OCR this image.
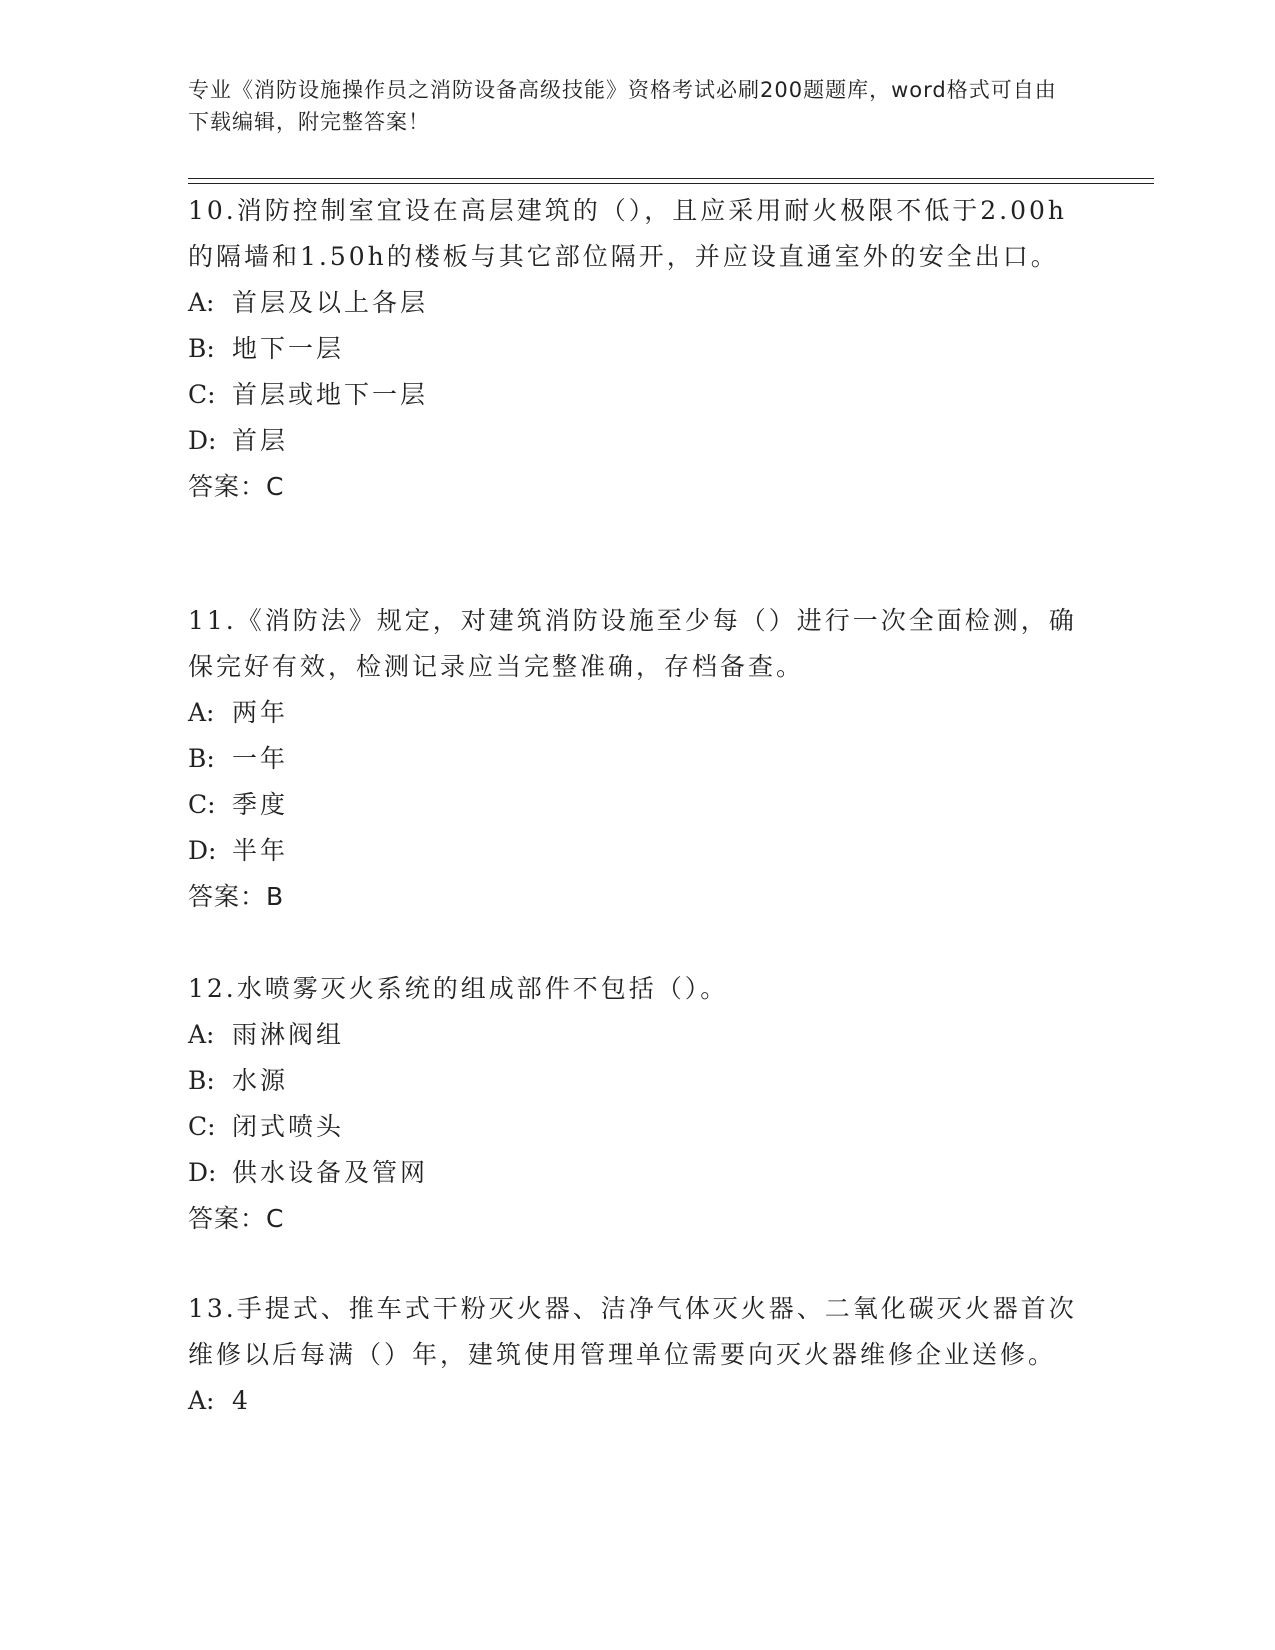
专业《消防设施操作员之消防设备高级技能》资格考试必刷200题题库，word格式可自由下载编辑，附完整答案！

10.消防控制室宜设在高层建筑的（），且应采用耐火极限不低于2.00h的隔墙和1.50h的楼板与其它部位隔开，并应设直通室外的安全出口。

A: 首层及以上各层

B: 地下一层

C: 首层或地下一层

D: 首层

答案：C

11.《消防法》规定，对建筑消防设施至少每（）进行一次全面检测，确保完好有效，检测记录应当完整准确，存档备查。

A: 两年

B: 一年

C: 季度

D: 半年

答案：B

12.水喷雾灭火系统的组成部件不包括（）。

A: 雨淋阀组

B: 水源

C: 闭式喷头

D: 供水设备及管网

答案：C

13.手提式、推车式干粉灭火器、洁净气体灭火器、二氧化碳灭火器首次维修以后每满（）年，建筑使用管理单位需要向灭火器维修企业送修。

A: 4
